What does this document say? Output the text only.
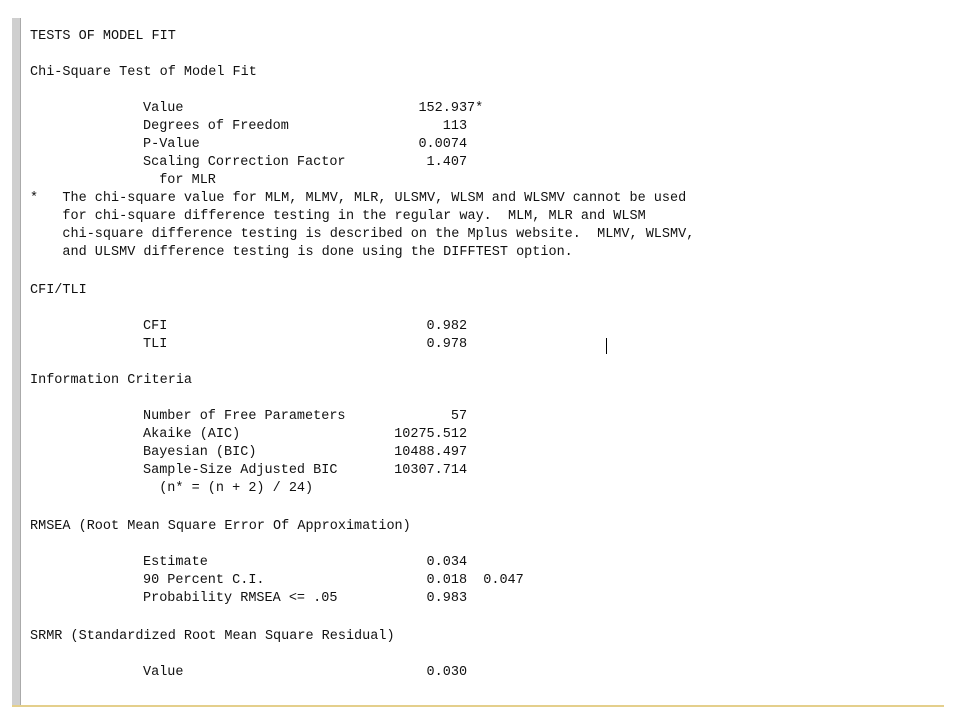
TESTS OF MODEL FIT
Chi-Square Test of Model Fit
Value                             152.937*
Degrees of Freedom                   113
P-Value                           0.0074
Scaling Correction Factor          1.407
for MLR
*   The chi-square value for MLM, MLMV, MLR, ULSMV, WLSM and WLSMV cannot be used
for chi-square difference testing in the regular way.  MLM, MLR and WLSM
chi-square difference testing is described on the Mplus website.  MLMV, WLSMV,
and ULSMV difference testing is done using the DIFFTEST option.
CFI/TLI
CFI                                0.982
TLI                                0.978
Information Criteria
Number of Free Parameters             57
Akaike (AIC)                   10275.512
Bayesian (BIC)                 10488.497
Sample-Size Adjusted BIC       10307.714
(n* = (n + 2) / 24)
RMSEA (Root Mean Square Error Of Approximation)
Estimate                           0.034
90 Percent C.I.                    0.018  0.047
Probability RMSEA <= .05           0.983
SRMR (Standardized Root Mean Square Residual)
Value                              0.030
